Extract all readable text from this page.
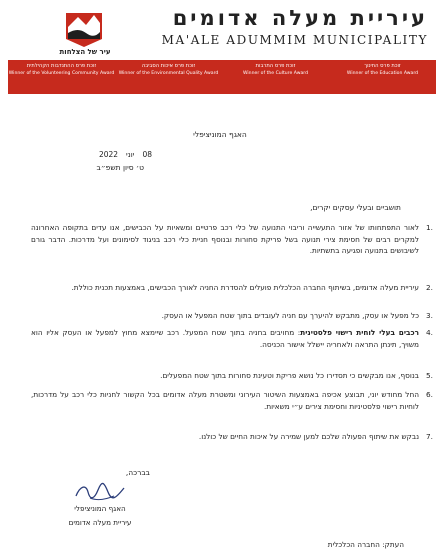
עיר של הצלחות
עיריית מעלה אדומים
MA'ALE ADUMMIM MUNICIPALITY
זוכת פרס ההתנדבות הקהילתית
Winner of the Volunteering Community Award
זוכת פרס איכות הסביבה
Winner of the Environmental Quality Award
זוכת פרס התרבות
Winner of the Culture Award
זוכת פרס החינוך
Winner of the Education Award
האגף המוניציפלי
08יוני2022
ט׳ סיון תשפ״ב
תושביים ובעלי עסקים יקרים,
.1

לאור התפתחותו של אזור התעשייה וריבוי התנועה של כלי רכב פרטיים ומשאיות על הכבישים, אנו עדים בתקופה האחרונה למקרים רבים של חסימת צירי תנועה בשל פריקת סחורות ובנוסף חניית כלי רכב בניגוד לסימונים ועל מדרכות. הדבר גורם לשיבושים בתנועה ופגיעה בתשתיות.

.2

עיריית מעלה אדומים, בשיתוף החברה הכלכלית פועלים להסדרת החניה לאורך הכבישים, באמצעות תכנית כוללת.

.3

כל מפעל או עסק, מתבקש להיערך עם חניה לעובדים בתוך שטח המפעל או העסק.

.4

רכבים בעלי לוחית רישוי פלסטינית: מחויבים בחניה בתוך שטח המפעל. רכב שיימצא מחוץ למפעל או העסק אליו הוא משויך, תינתן התראה ולאחריה יישלל אישור הכניסה.

.5

בנוסף, אנו מבקשים כי תסדירו כל נושא פריקת וטעינת סחורות בתוך שטח המפעלים.

.6

החל מחודש יוני, תבוצע אכיפה באמצעות השיטור העירוני ומשטרת מעלה אדומים בכל הקשור לחניות כלי רכב על מדרכות, לוחיות רישוי פלסטיניות וחסימת צירים ע״י משאיות.

.7

נבקש את שיתוף הפעולה שלכם למען שמירה על איכות החיים של כולנו.

בברכה,
האגף המוניציפלי
עיריית מעלה אדומים
העתק: החברה הכלכלית
